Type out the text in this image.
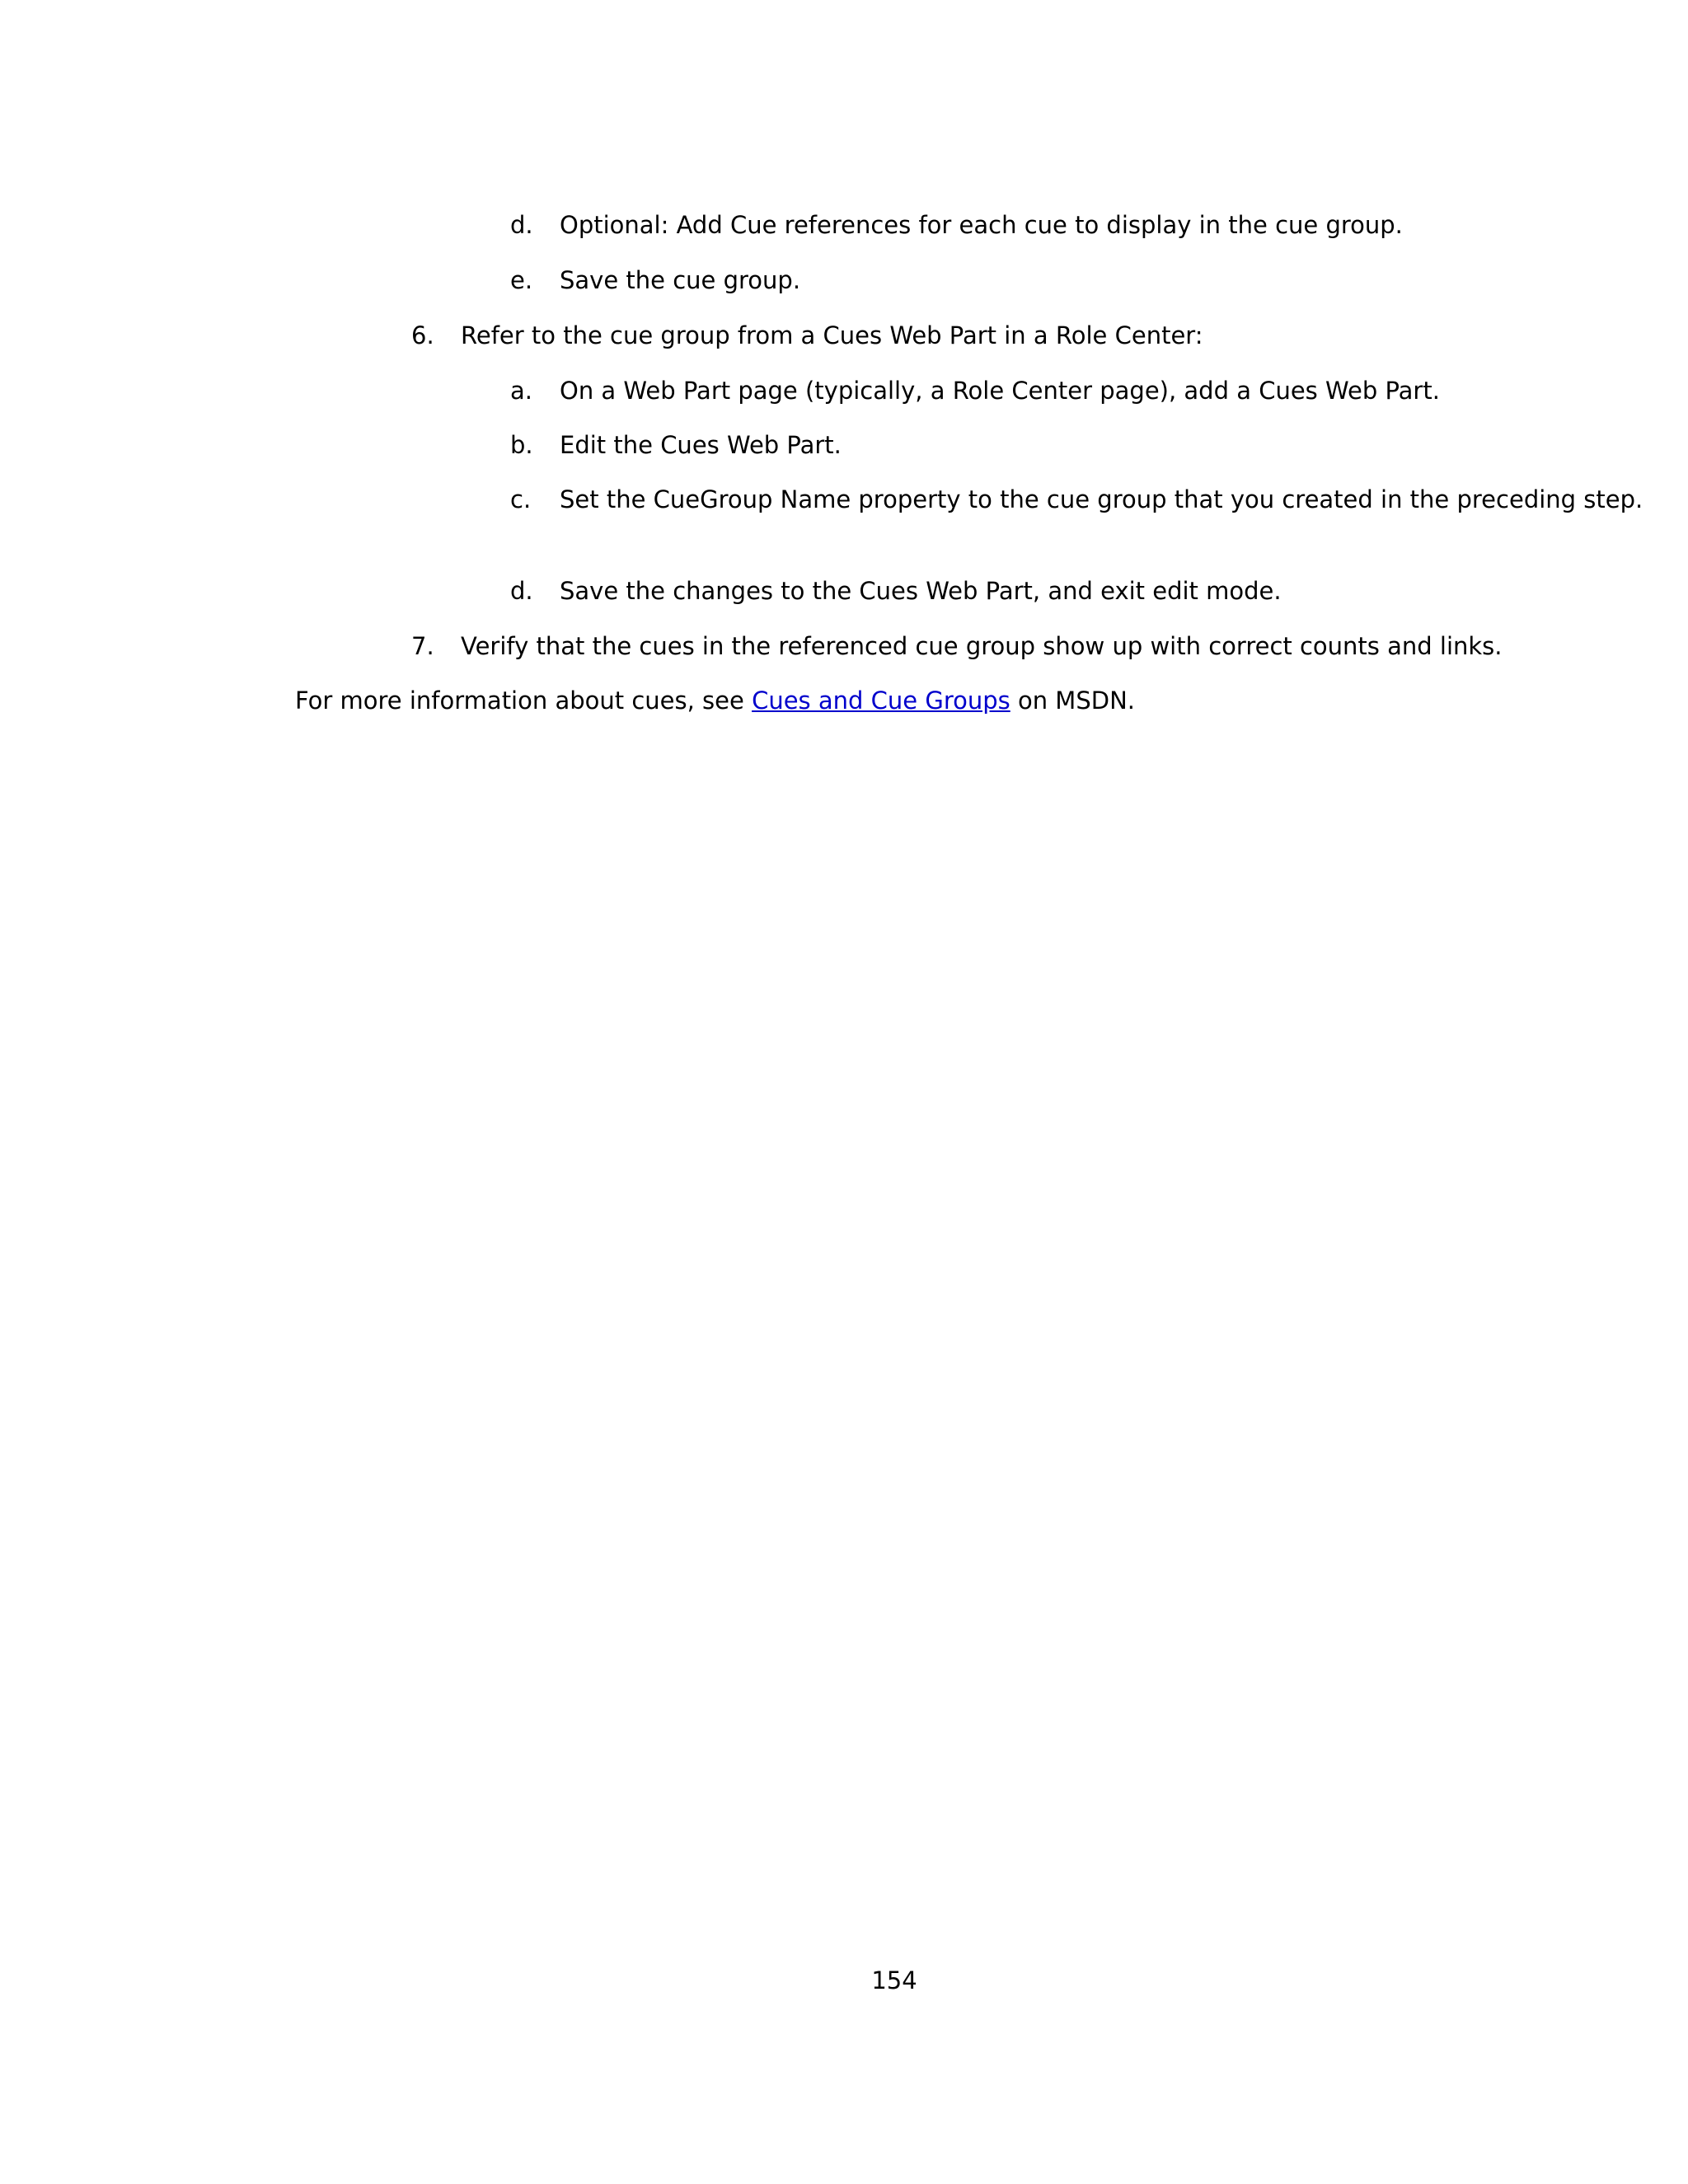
d. Optional: Add Cue references for each cue to display in the cue group.
e. Save the cue group.
6. Refer to the cue group from a Cues Web Part in a Role Center:
a. On a Web Part page (typically, a Role Center page), add a Cues Web Part.
b. Edit the Cues Web Part.
c. Set the CueGroup Name property to the cue group that you created in the preceding step.
d. Save the changes to the Cues Web Part, and exit edit mode.
7. Verify that the cues in the referenced cue group show up with correct counts and links.

For more information about cues, see Cues and Cue Groups on MSDN.

154
